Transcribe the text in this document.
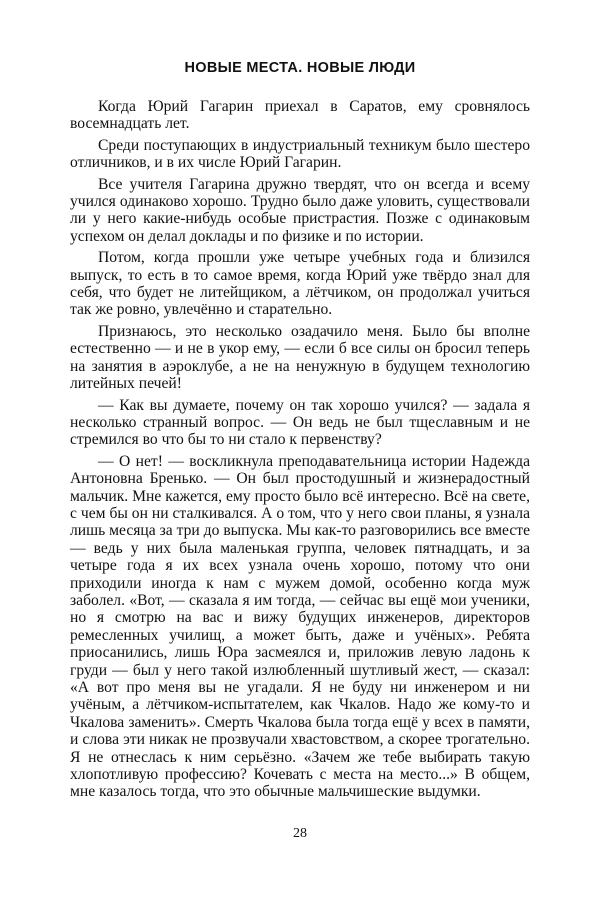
НОВЫЕ МЕСТА. НОВЫЕ ЛЮДИ

Когда Юрий Гагарин приехал в Саратов, ему сровнялось восемнадцать лет.

Среди поступающих в индустриальный техникум было шестеро отличников, и в их числе Юрий Гагарин.

Все учителя Гагарина дружно твердят, что он всегда и всему учился одинаково хорошо. Трудно было даже уловить, существовали ли у него какие-нибудь особые пристрастия. Позже с одинаковым успехом он делал доклады и по физике и по истории.

Потом, когда прошли уже четыре учебных года и близился выпуск, то есть в то самое время, когда Юрий уже твёрдо знал для себя, что будет не литейщиком, а лётчиком, он продолжал учиться так же ровно, увлечённо и старательно.

Признаюсь, это несколько озадачило меня. Было бы вполне естественно — и не в укор ему, — если б все силы он бросил теперь на занятия в аэроклубе, а не на ненужную в будущем технологию литейных печей!

— Как вы думаете, почему он так хорошо учился? — задала я несколько странный вопрос. — Он ведь не был тщеславным и не стремился во что бы то ни стало к первенству?

— О нет! — воскликнула преподавательница истории Надежда Антоновна Бренько. — Он был простодушный и жизнерадостный мальчик. Мне кажется, ему просто было всё интересно. Всё на свете, с чем бы он ни сталкивался. А о том, что у него свои планы, я узнала лишь месяца за три до выпуска. Мы как-то разговорились все вместе — ведь у них была маленькая группа, человек пятнадцать, и за четыре года я их всех узнала очень хорошо, потому что они приходили иногда к нам с мужем домой, особенно когда муж заболел. «Вот, — сказала я им тогда, — сейчас вы ещё мои ученики, но я смотрю на вас и вижу будущих инженеров, директоров ремесленных училищ, а может быть, даже и учёных». Ребята приосанились, лишь Юра засмеялся и, приложив левую ладонь к груди — был у него такой излюбленный шутливый жест, — сказал: «А вот про меня вы не угадали. Я не буду ни инженером и ни учёным, а лётчиком-испытателем, как Чкалов. Надо же кому-то и Чкалова заменить». Смерть Чкалова была тогда ещё у всех в памяти, и слова эти никак не прозвучали хвастовством, а скорее трогательно. Я не отнеслась к ним серьёзно. «Зачем же тебе выбирать такую хлопотливую профессию? Кочевать с места на место...» В общем, мне казалось тогда, что это обычные мальчишеские выдумки.

28
